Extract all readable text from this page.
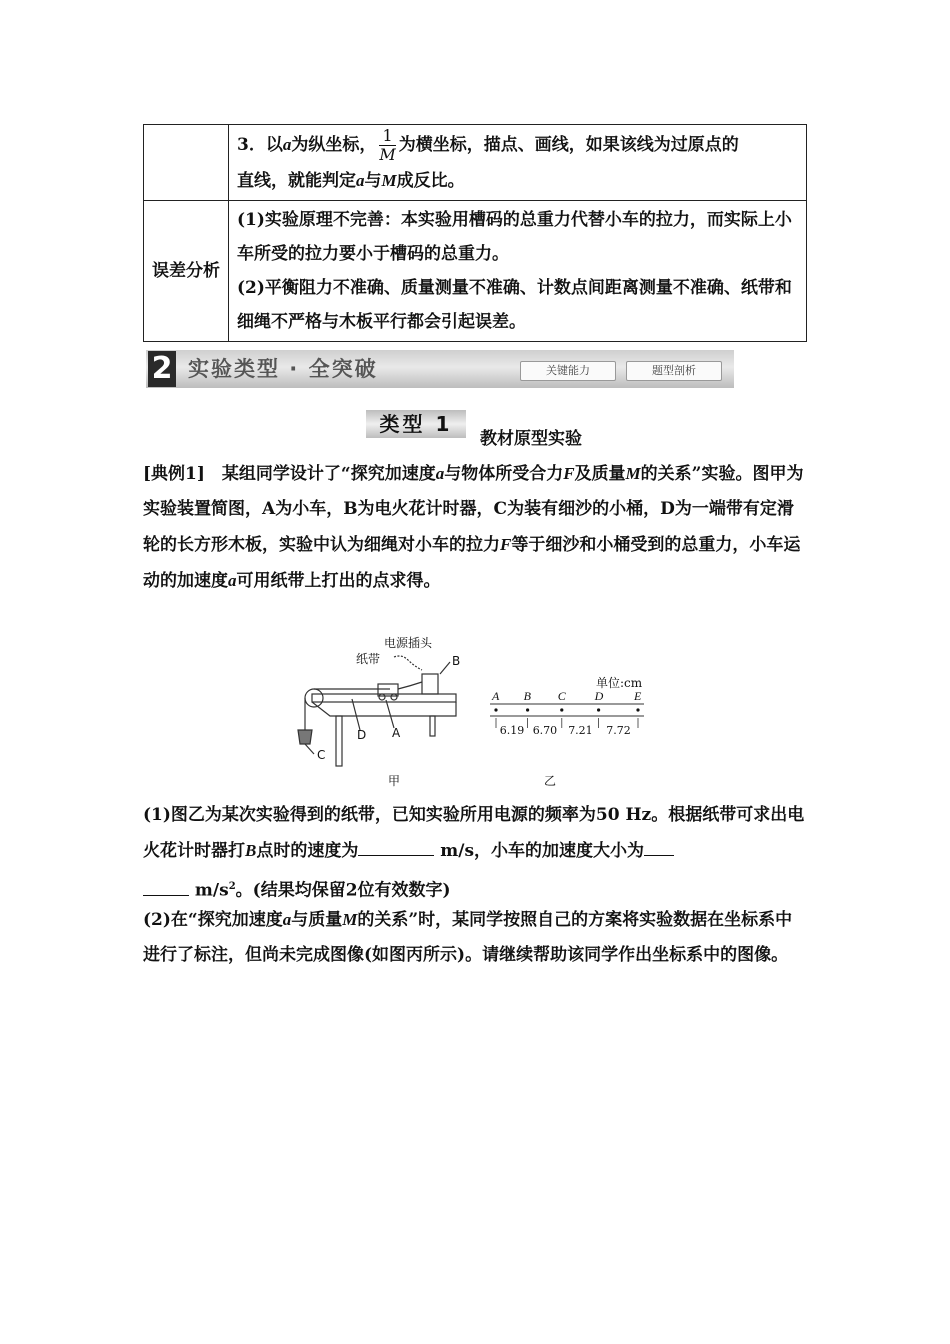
	3．以a为纵坐标， $\frac{1}{M}$ 为横坐标，描点、画线，如果该线为过原点的
直线，就能判定a与M成反比。
误差分析	(1)实验原理不完善：本实验用槽码的总重力代替小车的拉力，而实际上小车所受的拉力要小于槽码的总重力。
(2)平衡阻力不准确、质量测量不准确、计数点间距离测量不准确、纸带和细绳不严格与木板平行都会引起误差。
2 实验类型 · 全突破	关键能力	题型剖析
类型 1
教材原型实验
[典例1]　某组同学设计了“探究加速度a与物体所受合力F及质量M的关系”实验。图甲为实验装置简图，A为小车，B为电火花计时器，C为装有细沙的小桶，D为一端带有定滑轮的长方形木板，实验中认为细绳对小车的拉力F等于细沙和小桶受到的总重力，小车运动的加速度a可用纸带上打出的点求得。
电源插头
纸带	B
A
D
C
单位:cm
A B C D	E
6.19 6.70 7.21 7.72
甲	乙
(1)图乙为某次实验得到的纸带，已知实验所用电源的频率为50 Hz。根据纸带可求出电火花计时器打B点时的速度为	m/s，小车的加速度大小为
$m/s^2$。(结果均保留2位有效数字)
(2)在“探究加速度a与质量M的关系”时，某同学按照自己的方案将实验数据在坐标系中进行了标注，但尚未完成图像(如图丙所示)。请继续帮助该同学作出坐标系中的图像。
